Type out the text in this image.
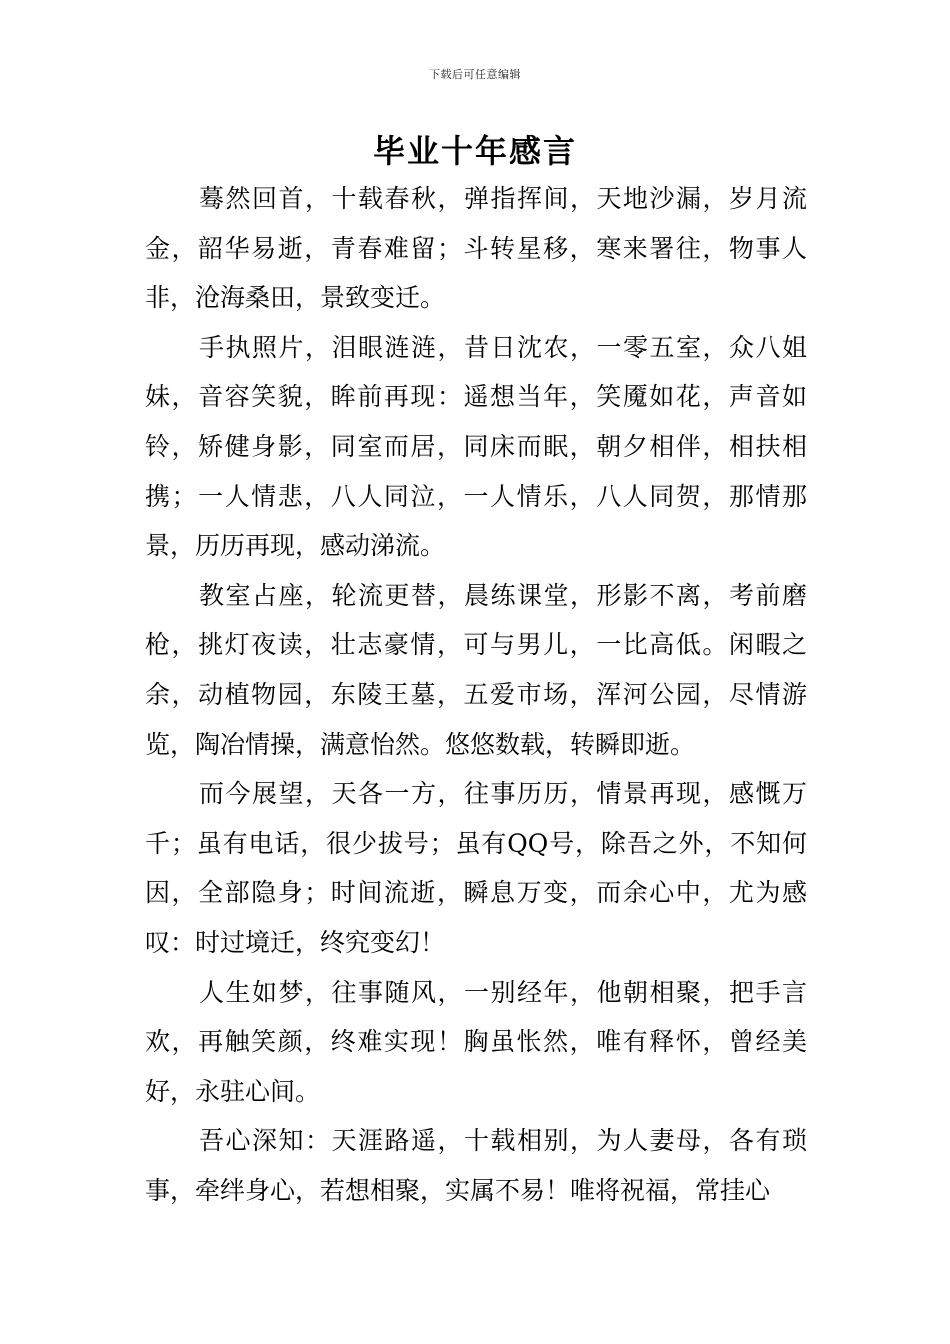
下载后可任意编辑
毕业十年感言

蓦然回首，十载春秋，弹指挥间，天地沙漏，岁月流金，韶华易逝，青春难留；斗转星移，寒来署往，物事人非，沧海桑田，景致变迁。

手执照片，泪眼涟涟，昔日沈农，一零五室，众八姐妹，音容笑貌，眸前再现：遥想当年，笑魇如花，声音如铃，矫健身影，同室而居，同床而眠，朝夕相伴，相扶相携；一人情悲，八人同泣，一人情乐，八人同贺，那情那景，历历再现，感动涕流。

教室占座，轮流更替，晨练课堂，形影不离，考前磨枪，挑灯夜读，壮志豪情，可与男儿，一比高低。闲暇之余，动植物园，东陵王墓，五爱市场，浑河公园，尽情游览，陶冶情操，满意怡然。悠悠数载，转瞬即逝。

而今展望，天各一方，往事历历，情景再现，感慨万千；虽有电话，很少拔号；虽有QQ号，除吾之外，不知何因，全部隐身；时间流逝，瞬息万变，而余心中，尤为感叹：时过境迁，终究变幻！

人生如梦，往事随风，一别经年，他朝相聚，把手言欢，再触笑颜，终难实现！胸虽怅然，唯有释怀，曾经美好，永驻心间。

吾心深知：天涯路遥，十载相别，为人妻母，各有琐事，牵绊身心，若想相聚，实属不易！唯将祝福，常挂心
